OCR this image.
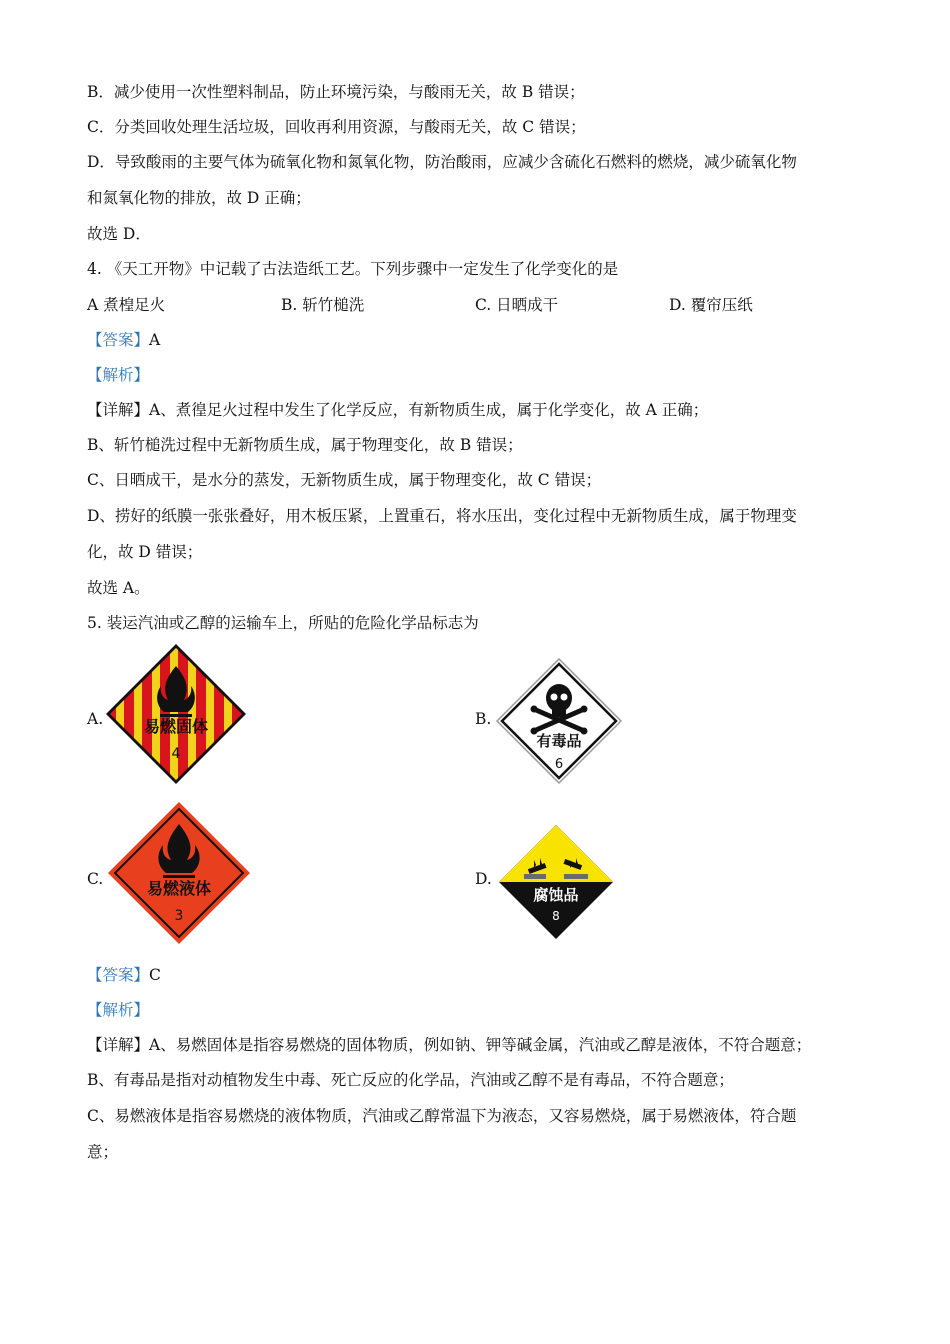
B．减少使用一次性塑料制品，防止环境污染，与酸雨无关，故 B 错误；
C．分类回收处理生活垃圾，回收再利用资源，与酸雨无关，故 C 错误；
D．导致酸雨的主要气体为硫氧化物和氮氧化物，防治酸雨，应减少含硫化石燃料的燃烧，减少硫氧化物
和氮氧化物的排放，故 D 正确；
故选 D．
4. 《天工开物》中记载了古法造纸工艺。下列步骤中一定发生了化学变化的是
A 煮楻足火	B. 斩竹槌洗	C. 日晒成干	D. 覆帘压纸
【答案】A
【解析】
【详解】A、煮徨足火过程中发生了化学反应，有新物质生成，属于化学变化，故 A 正确；
B、斩竹槌洗过程中无新物质生成，属于物理变化，故 B 错误；
C、日晒成干，是水分的蒸发，无新物质生成，属于物理变化，故 C 错误；
D、捞好的纸膜一张张叠好，用木板压紧，上置重石，将水压出，变化过程中无新物质生成，属于物理变
化，故 D 错误；
故选 A。
5. 装运汽油或乙醇的运输车上，所贴的危险化学品标志为
A.	易燃固体
4
B.
有毒品
6
C.	易燃液体
3
D.
腐蚀品
8
【答案】C
【解析】
【详解】A、易燃固体是指容易燃烧的固体物质，例如钠、钾等碱金属，汽油或乙醇是液体，不符合题意；
B、有毒品是指对动植物发生中毒、死亡反应的化学品，汽油或乙醇不是有毒品，不符合题意；
C、易燃液体是指容易燃烧的液体物质，汽油或乙醇常温下为液态，又容易燃烧，属于易燃液体，符合题
意；
